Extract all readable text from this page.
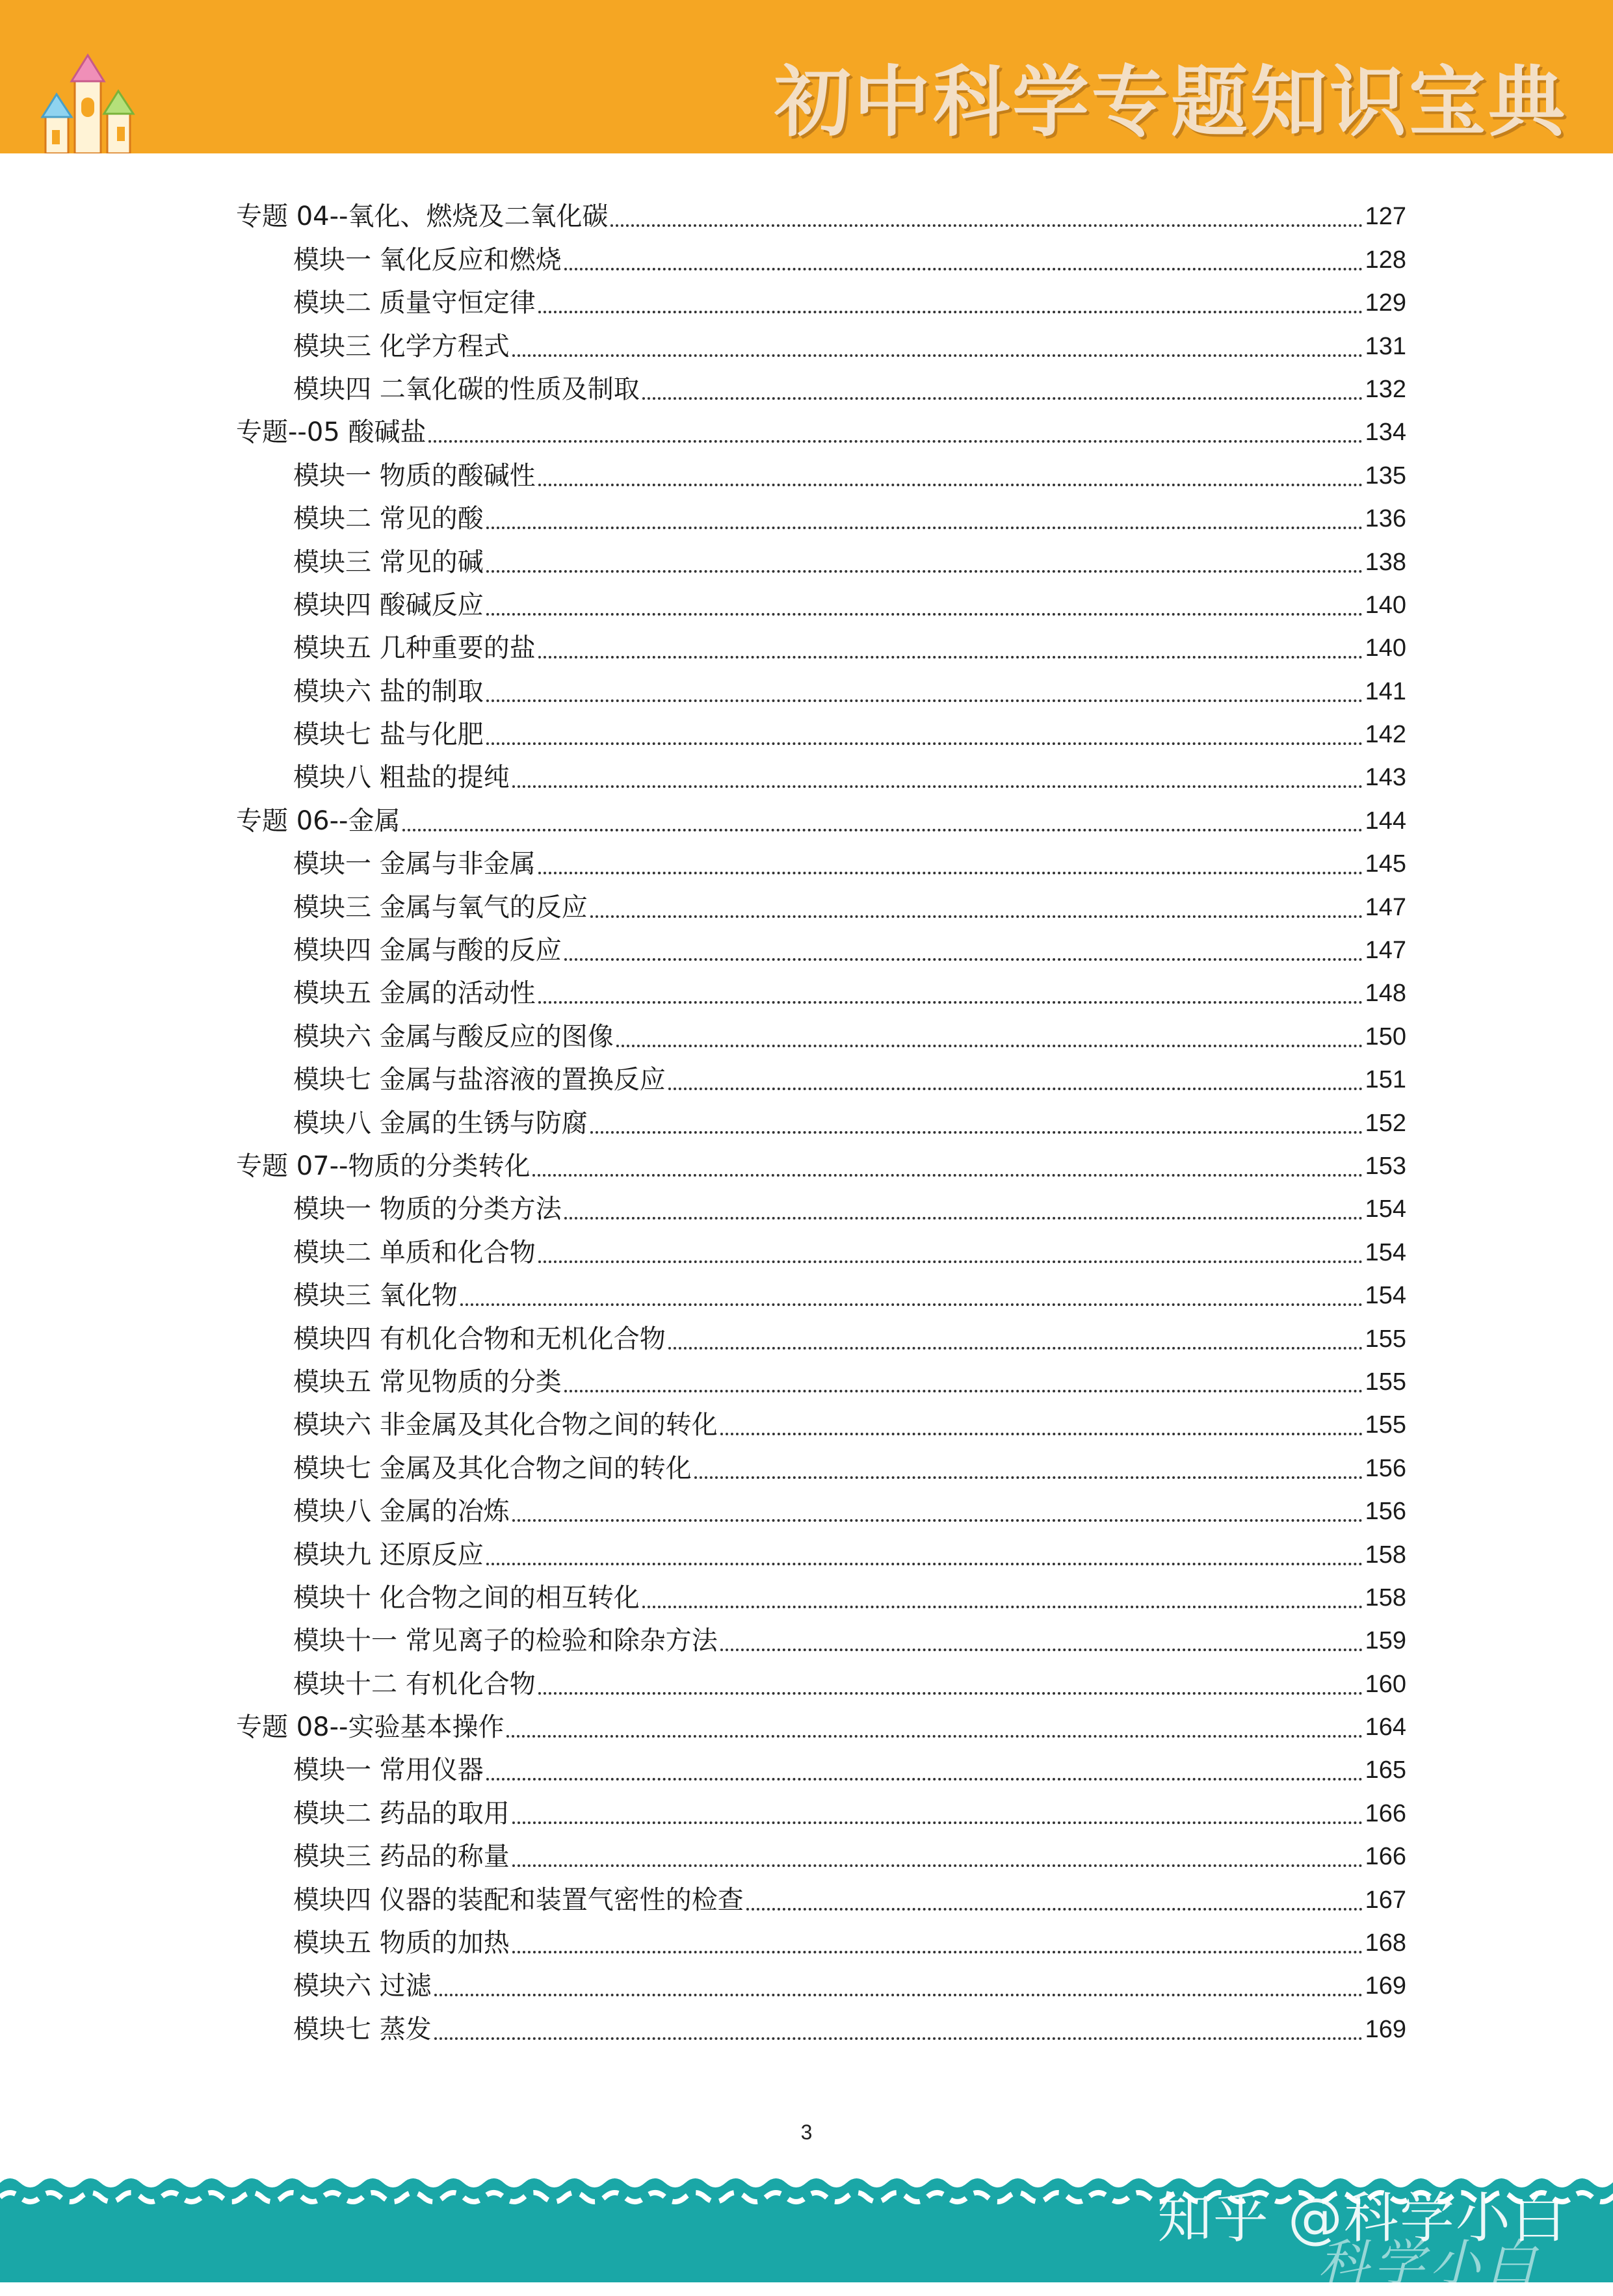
初中科学专题知识宝典
专题 04--氧化、燃烧及二氧化碳	127
模块一 氧化反应和燃烧	128
模块二 质量守恒定律	129
模块三 化学方程式	131
模块四 二氧化碳的性质及制取	132
专题--05 酸碱盐	134
模块一 物质的酸碱性	135
模块二 常见的酸	136
模块三 常见的碱	138
模块四 酸碱反应	140
模块五 几种重要的盐	140
模块六 盐的制取	141
模块七 盐与化肥	142
模块八 粗盐的提纯	143
专题 06--金属	144
模块一 金属与非金属	145
模块三 金属与氧气的反应	147
模块四 金属与酸的反应	147
模块五 金属的活动性	148
模块六 金属与酸反应的图像	150
模块七 金属与盐溶液的置换反应	151
模块八 金属的生锈与防腐	152
专题 07--物质的分类转化	153
模块一 物质的分类方法	154
模块二 单质和化合物	154
模块三 氧化物	154
模块四 有机化合物和无机化合物	155
模块五 常见物质的分类	155
模块六 非金属及其化合物之间的转化	155
模块七 金属及其化合物之间的转化	156
模块八 金属的冶炼	156
模块九 还原反应	158
模块十 化合物之间的相互转化	158
模块十一 常见离子的检验和除杂方法	159
模块十二 有机化合物	160
专题 08--实验基本操作	164
模块一 常用仪器	165
模块二 药品的取用	166
模块三 药品的称量	166
模块四 仪器的装配和装置气密性的检查	167
模块五 物质的加热	168
模块六 过滤	169
模块七 蒸发	169
3
知乎 @科学小白
科学小白
